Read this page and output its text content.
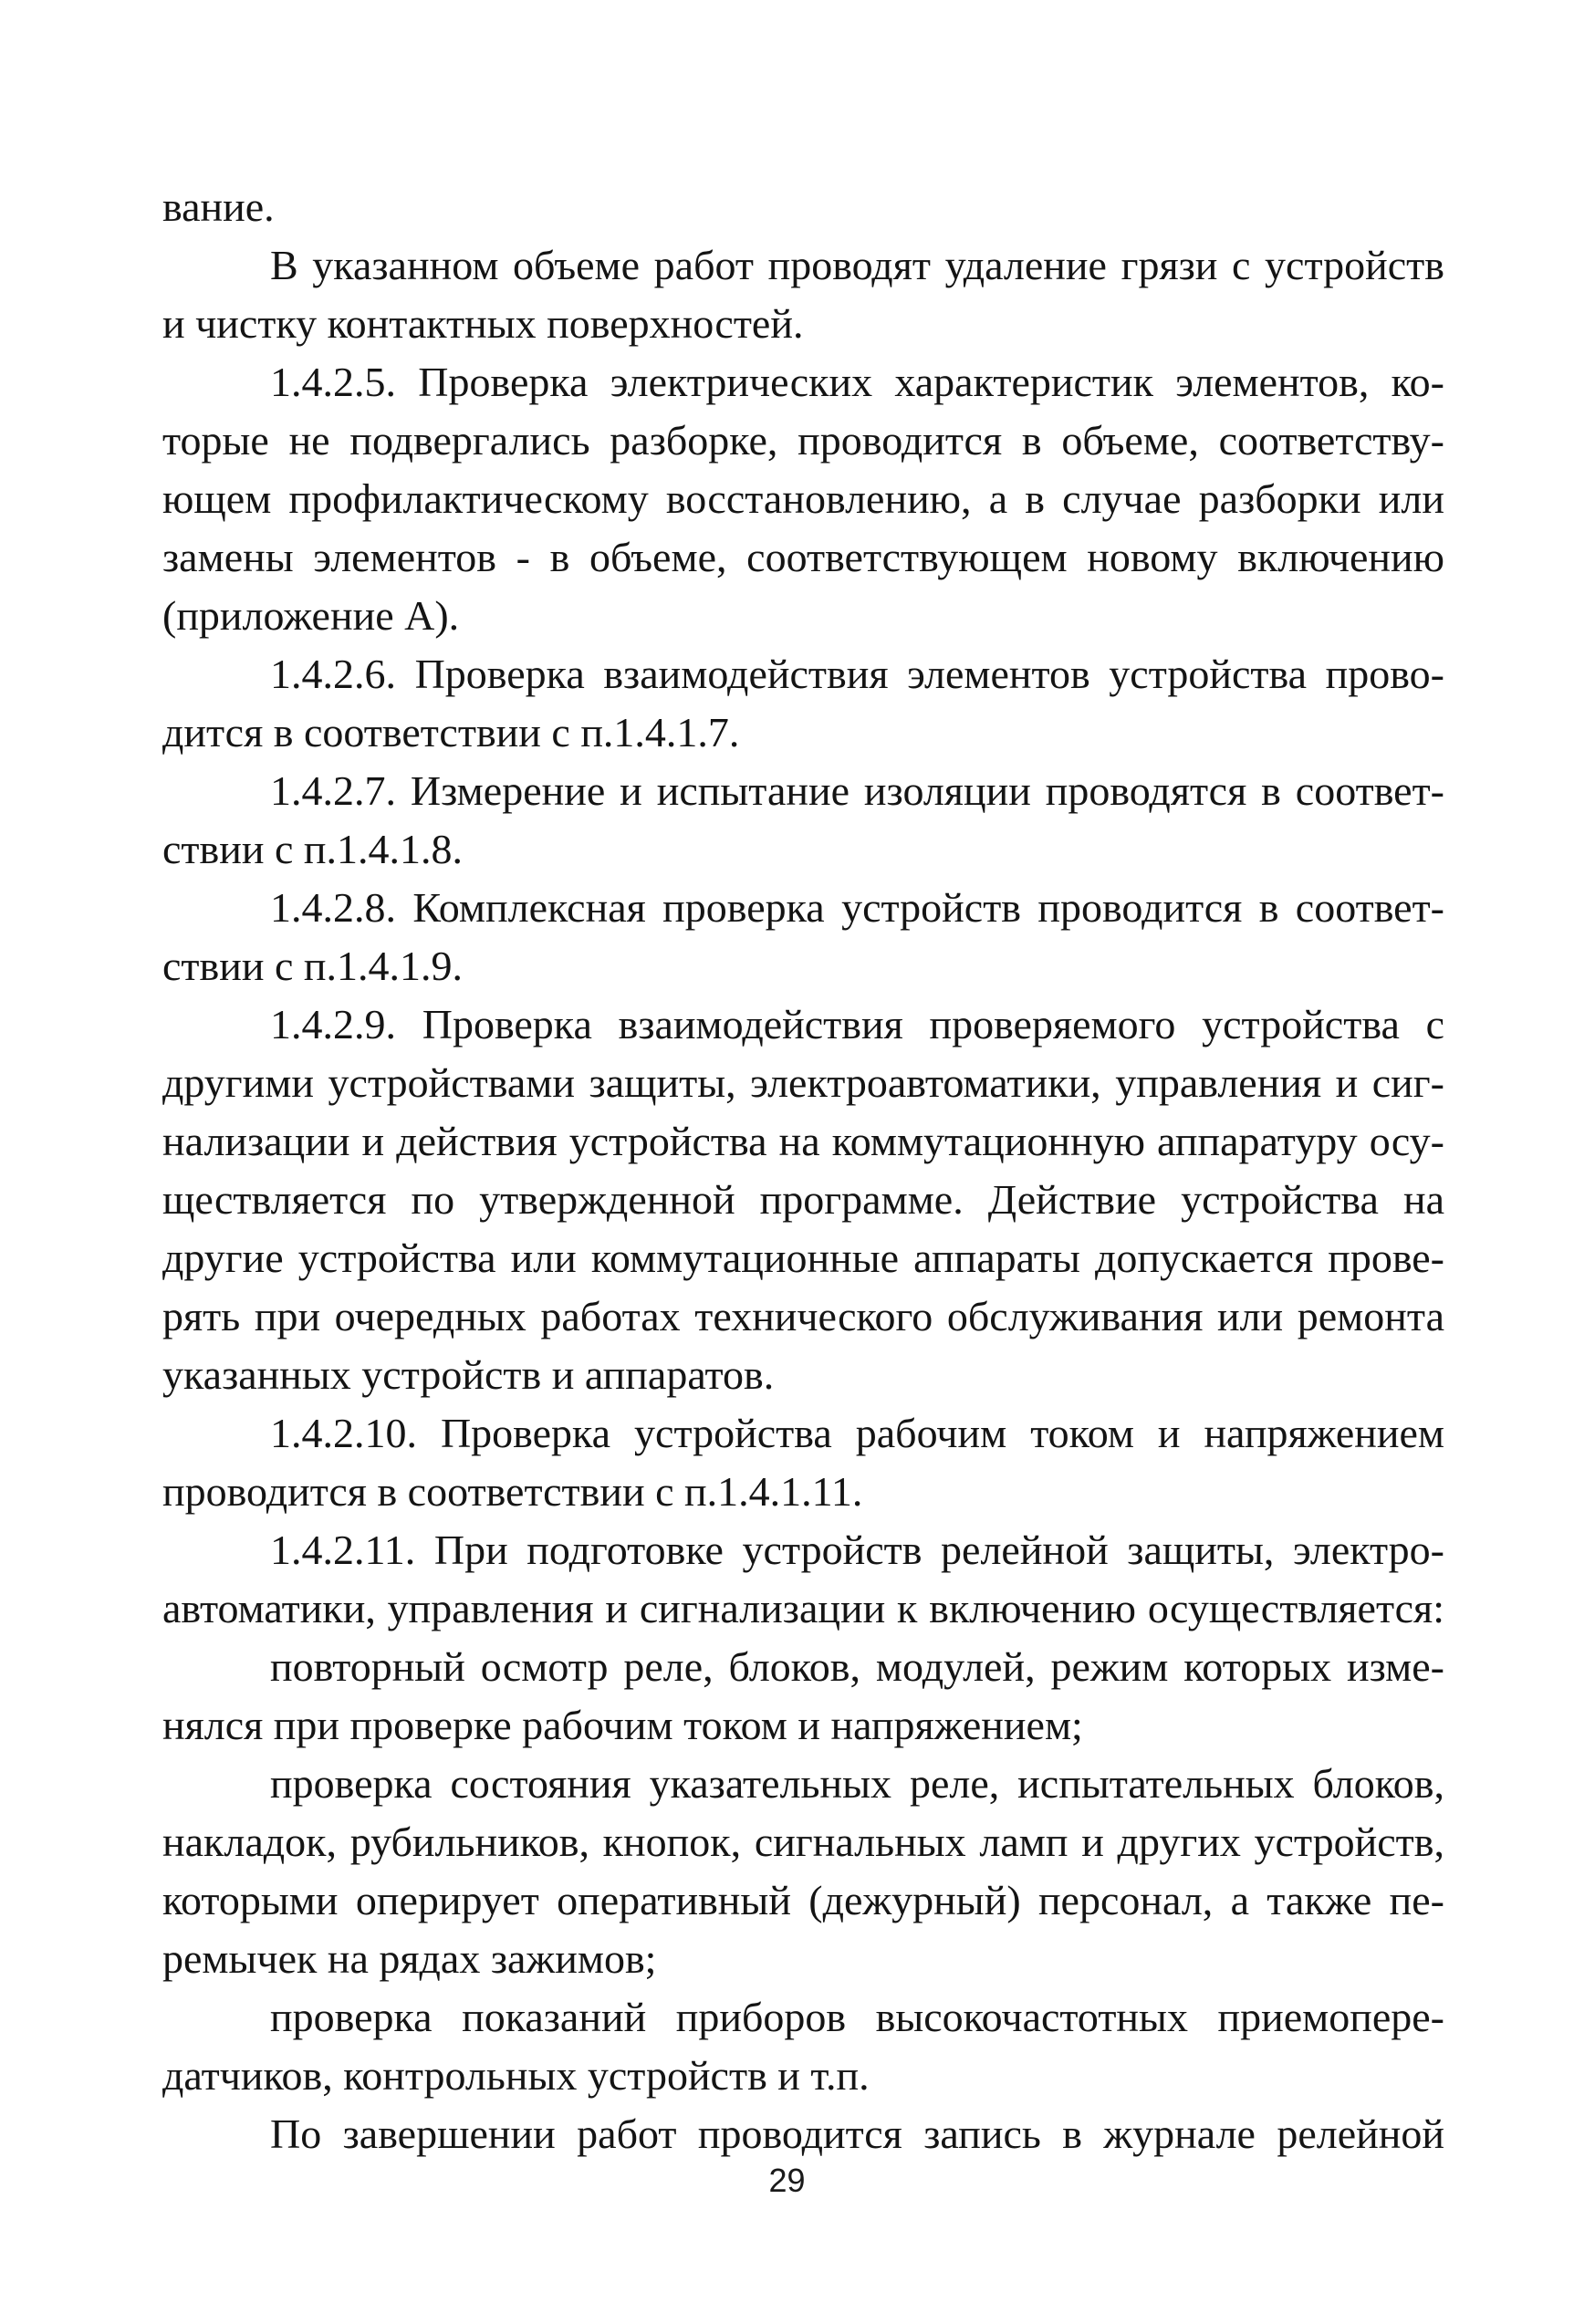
вание.
В указанном объеме работ проводят удаление грязи с устройств
и чистку контактных поверхностей.
1.4.2.5. Проверка электрических характеристик элементов, ко-
торые не подвергались разборке, проводится в объеме, соответству-
ющем профилактическому восстановлению, а в случае разборки или
замены элементов - в объеме, соответствующем новому включению
(приложение А).
1.4.2.6. Проверка взаимодействия элементов устройства прово-
дится в соответствии с п.1.4.1.7.
1.4.2.7. Измерение и испытание изоляции проводятся в соответ-
ствии с п.1.4.1.8.
1.4.2.8. Комплексная проверка устройств проводится в соответ-
ствии с п.1.4.1.9.
1.4.2.9. Проверка взаимодействия проверяемого устройства с
другими устройствами защиты, электроавтоматики, управления и сиг-
нализации и действия устройства на коммутационную аппаратуру осу-
ществляется по утвержденной программе. Действие устройства на
другие устройства или коммутационные аппараты допускается прове-
рять при очередных работах технического обслуживания или ремонта
указанных устройств и аппаратов.
1.4.2.10. Проверка устройства рабочим током и напряжением
проводится в соответствии с п.1.4.1.11.
1.4.2.11. При подготовке устройств релейной защиты, электро-
автоматики, управления и сигнализации к включению осуществляется:
повторный осмотр реле, блоков, модулей, режим которых изме-
нялся при проверке рабочим током и напряжением;
проверка состояния указательных реле, испытательных блоков,
накладок, рубильников, кнопок, сигнальных ламп и других устройств,
которыми оперирует оперативный (дежурный) персонал, а также пе-
ремычек на рядах зажимов;
проверка показаний приборов высокочастотных приемопере-
датчиков, контрольных устройств и т.п.
По завершении работ проводится запись в журнале релейной
29
